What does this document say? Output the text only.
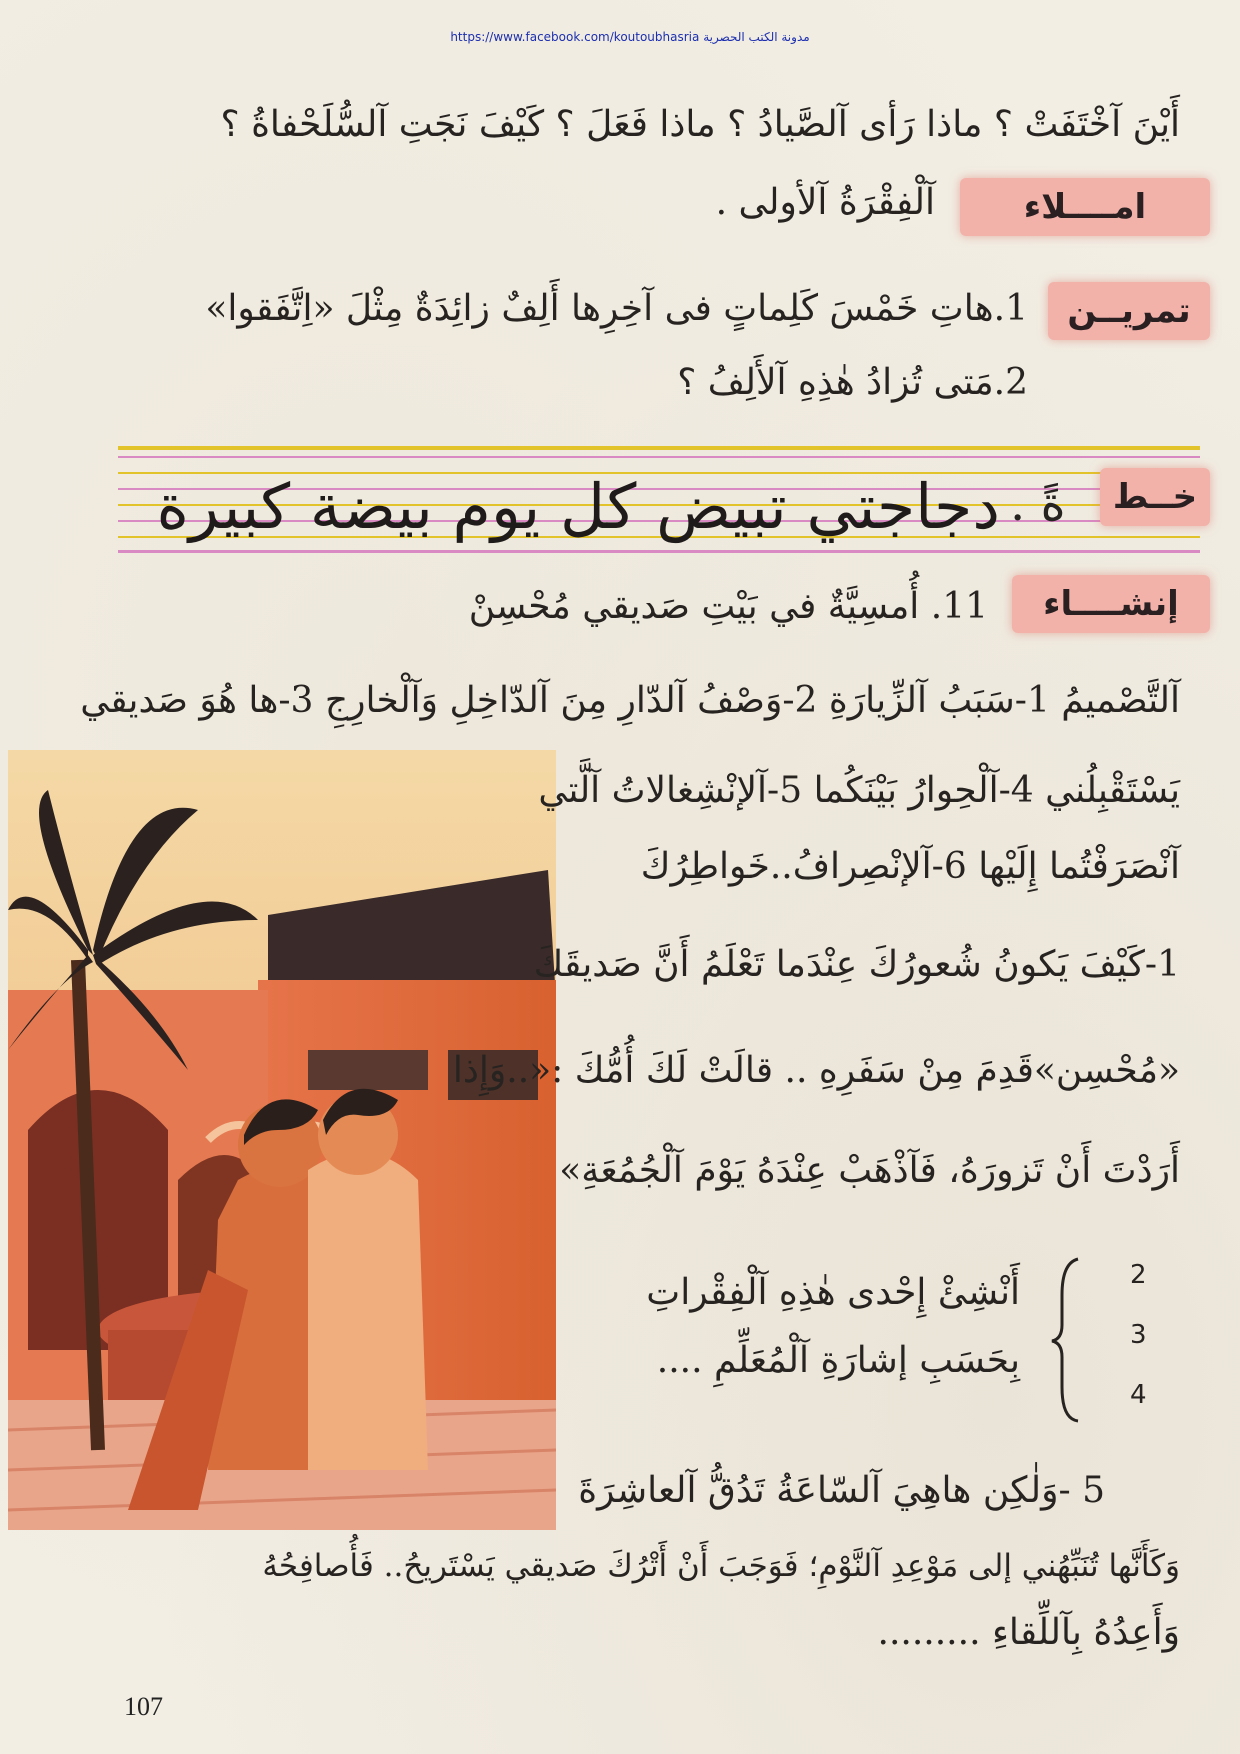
https://www.facebook.com/koutoubhasria مدونة الكتب الحصرية
أَيْنَ آخْتَفَتْ ؟ ماذا رَأى آلصَّيادُ ؟ ماذا فَعَلَ ؟ كَيْفَ نَجَتِ آلسُّلَحْفاةُ ؟
امــــلاء
آلْفِقْرَةُ آلأولى .
تمريــن
1.هاتِ خَمْسَ كَلِماتٍ فى آخِرِها أَلِفٌ زائِدَةٌ مِثْلَ «اِتَّفَقوا»
2.مَتى تُزادُ هٰذِهِ آلأَلِفُ ؟
خــط
ةً .
دجاجتي تبيض كل يوم بيضة كبيرة
إنشــــاء
11. أُمسِيَّةٌ في بَيْتِ صَديقي مُحْسِنْ
آلتَّصْميمُ 1-سَبَبُ آلزِّيارَةِ 2-وَصْفُ آلدّارِ مِنَ آلدّاخِلِ وَآلْخارِجِ 3-ها هُوَ صَديقي
يَسْتَقْبِلُني 4-آلْحِوارُ بَيْنَكُما 5-آلإنْشِغالاتُ آلَّتي
آنْصَرَفْتُما إِلَيْها 6-آلإنْصِرافُ..خَواطِرُكَ
1-كَيْفَ يَكونُ شُعورُكَ عِنْدَما تَعْلَمُ أَنَّ صَديقَكَ
«مُحْسِن»قَدِمَ مِنْ سَفَرِهِ .. قالَتْ لَكَ أُمُّكَ :«..وَإِذا
أَرَدْتَ أَنْ تَزورَهُ، فَآذْهَبْ عِنْدَهُ يَوْمَ آلْجُمُعَةِ»
2
3
4
أَنْشِئْ إِحْدى هٰذِهِ آلْفِقْراتِ
بِحَسَبِ إشارَةِ آلْمُعَلِّمِ ....
5 -وَلٰكِن هاهِيَ آلسّاعَةُ تَدُقُّ آلعاشِرَةَ
وَكَأَنَّها تُنَبِّهُني إلى مَوْعِدِ آلنَّوْمِ؛ فَوَجَبَ أَنْ أَتْرُكَ صَديقي يَسْتَريحُ.. فَأُصافِحُهُ
وَأَعِدُهُ بِآللِّقاءِ .........
107
